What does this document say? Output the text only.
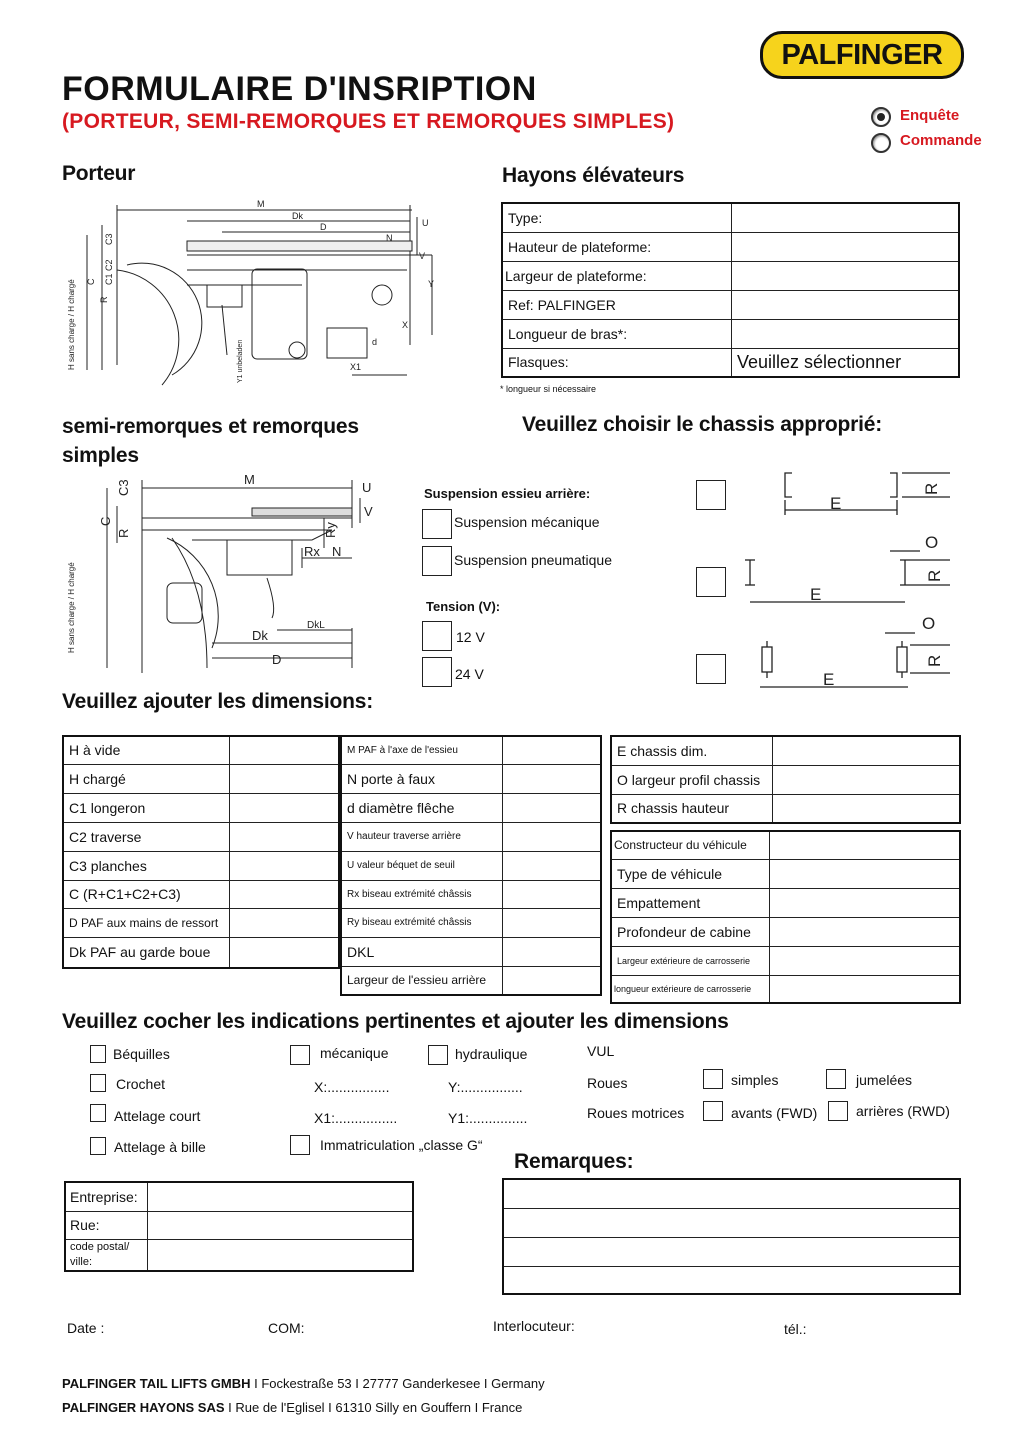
PALFINGER
FORMULAIRE D'INSRIPTION
(PORTEUR, SEMI-REMORQUES ET REMORQUES SIMPLES)	Enquête
Commande
Porteur
M
Dk
D
N
U
V
Y
X
X1
d
C3
C1 C2
C
R
H sans charge / H chargé	Y1 unbeladen
Hayons élévateurs
Type:	
Hauteur de plateforme:	
Largeur de plateforme:	
Ref: PALFINGER	
Longueur de bras*:	
Flasques:	Veuillez sélectionner
* longueur si nécessaire
semi-remorques et remorques simples
M
U
V
C3
C
R	Ry
Rx N
Dk
DkL
D
H sans charge / H chargé
Veuillez choisir le chassis approprié:
Suspension essieu arrière:
Suspension mécanique
Suspension pneumatique
Tension (V):
12 V
24 V
E
R
E
O
R
E
O
R
Veuillez ajouter les dimensions:
H à vide	
H chargé	
C1 longeron	
C2 traverse	
C3 planches	
C (R+C1+C2+C3)	
D PAF aux mains de ressort	
Dk PAF au garde boue	
M PAF à l'axe de l'essieu	
N porte à faux	
d diamètre flêche	
V hauteur traverse arrière	
U valeur béquet de seuil	
Rx biseau extrémité châssis	
Ry biseau extrémité châssis	
DKL	
Largeur de l'essieu arrière	
E chassis dim.	
O largeur profil chassis	
R chassis hauteur	
Constructeur du véhicule	
Type de véhicule	
Empattement	
Profondeur de cabine	
Largeur extérieure de carrosserie	
longueur extérieure de carrosserie	
Veuillez cocher les indications pertinentes et ajouter les dimensions
Béquilles
Crochet
Attelage court
Attelage à bille
mécanique	hydraulique
X:................	Y:................
X1:................	Y1:...............
Immatriculation „classe G“
VUL
Roues
Roues motrices
simples	jumelées
avants (FWD)	arrières (RWD)
Remarques:

Entreprise:	
Rue:	
code postal/ ville:	
Date :	COM:	Interlocuteur:	tél.:
PALFINGER TAIL LIFTS GMBH I Fockestraße 53 I 27777 Ganderkesee I Germany
PALFINGER HAYONS SAS I Rue de l'Eglisel I 61310 Silly en Gouffern I France
